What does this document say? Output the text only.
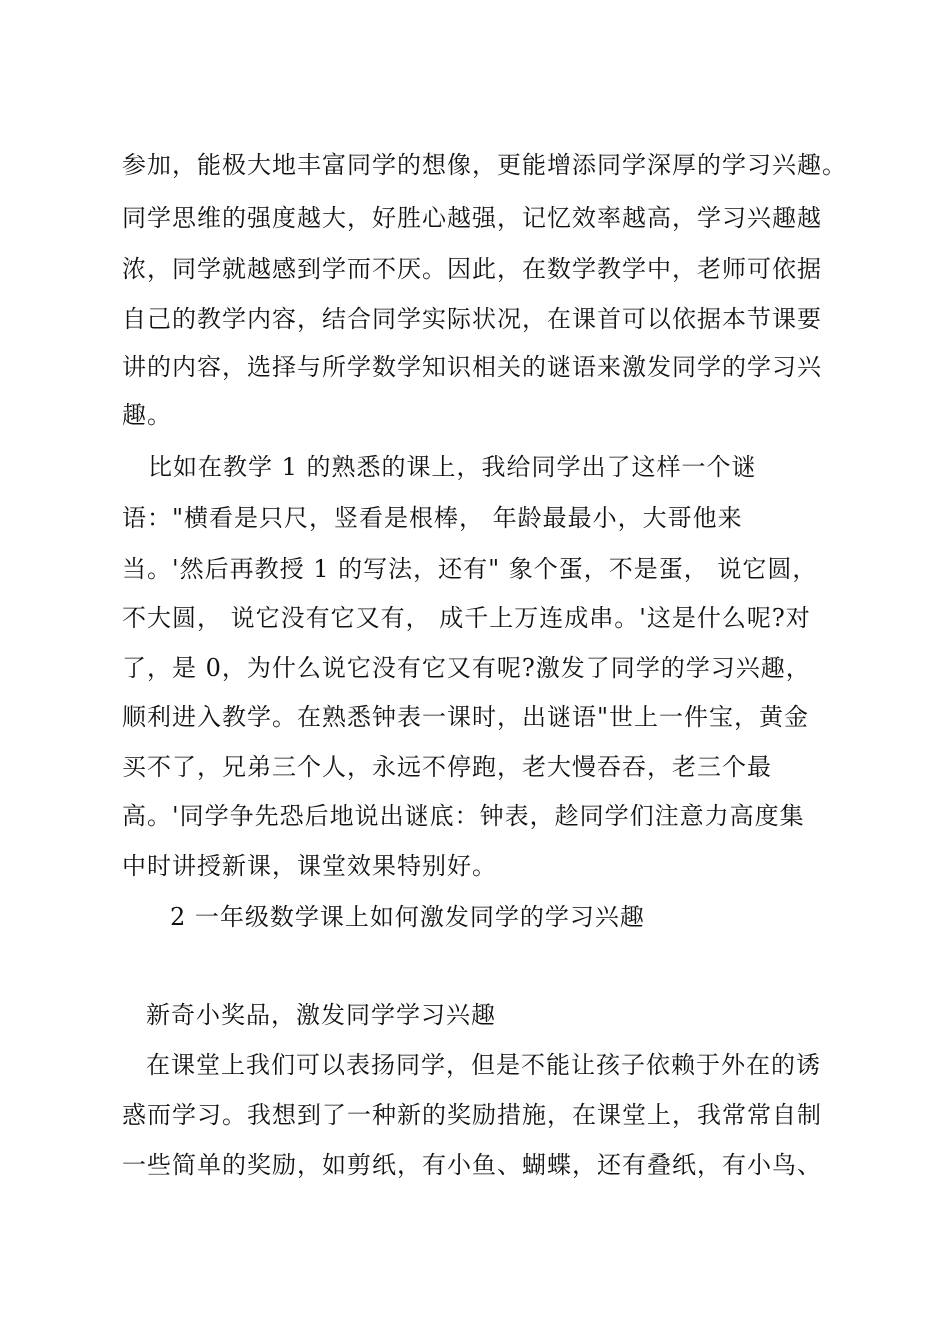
参加，能极大地丰富同学的想像，更能增添同学深厚的学习兴趣。
同学思维的强度越大，好胜心越强，记忆效率越高，学习兴趣越
浓，同学就越感到学而不厌。因此，在数学教学中，老师可依据
自己的教学内容，结合同学实际状况，在课首可以依据本节课要
讲的内容，选择与所学数学知识相关的谜语来激发同学的学习兴
趣。
比如在教学 1 的熟悉的课上，我给同学出了这样一个谜
语："横看是只尺，竖看是根棒， 年龄最最小，大哥他来
当。'然后再教授 1 的写法，还有" 象个蛋，不是蛋， 说它圆，
不大圆， 说它没有它又有， 成千上万连成串。'这是什么呢?对
了，是 0，为什么说它没有它又有呢?激发了同学的学习兴趣，
顺利进入教学。在熟悉钟表一课时，出谜语"世上一件宝，黄金
买不了，兄弟三个人，永远不停跑，老大慢吞吞，老三个最
高。'同学争先恐后地说出谜底：钟表，趁同学们注意力高度集
中时讲授新课，课堂效果特别好。
2 一年级数学课上如何激发同学的学习兴趣
新奇小奖品，激发同学学习兴趣
在课堂上我们可以表扬同学，但是不能让孩子依赖于外在的诱
惑而学习。我想到了一种新的奖励措施，在课堂上，我常常自制
一些简单的奖励，如剪纸，有小鱼、蝴蝶，还有叠纸，有小鸟、
